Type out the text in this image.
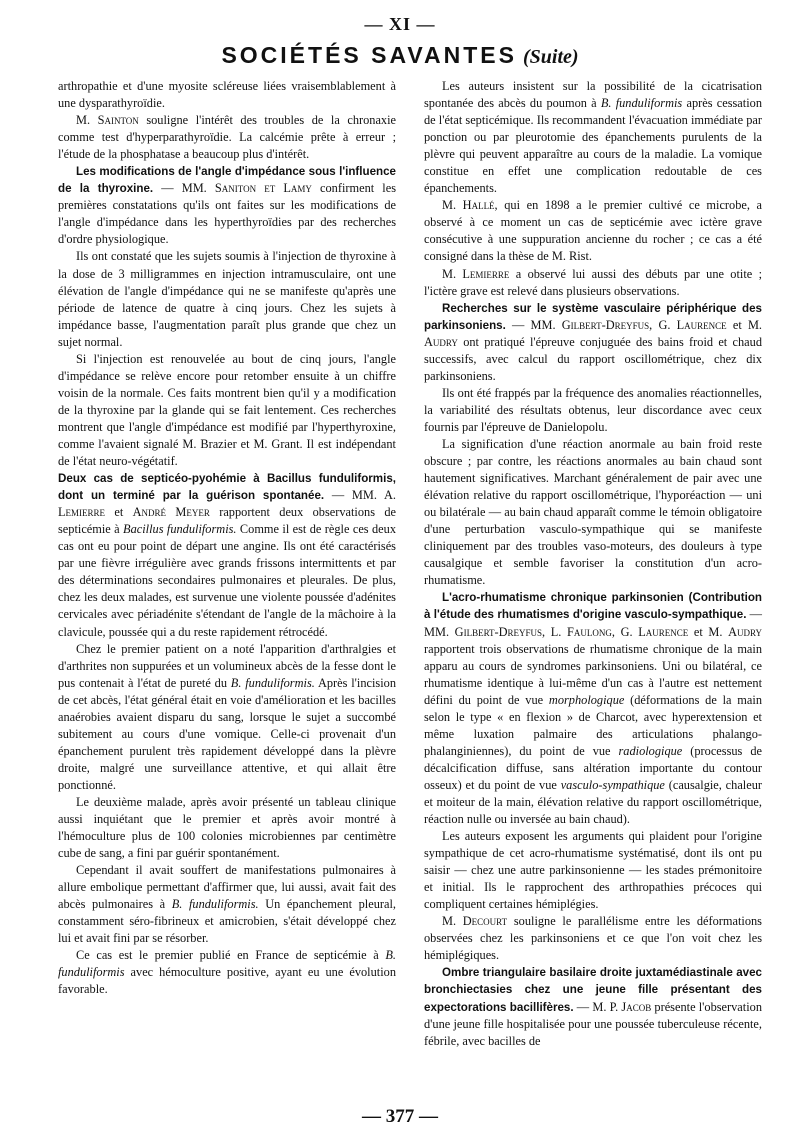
— XI —
SOCIÉTÉS SAVANTES (Suite)

arthropathie et d'une myosite scléreuse liées vraisemblablement à une dysparathyroïdie.

M. Sainton souligne l'intérêt des troubles de la chronaxie comme test d'hyperparathyroïdie. La calcémie prête à erreur ; l'étude de la phosphatase a beaucoup plus d'intérêt.

Les modifications de l'angle d'impédance sous l'influence de la thyroxine. — MM. Saniton et Lamy confirment les premières constatations qu'ils ont faites sur les modifications de l'angle d'impédance dans les hyperthyroïdies par des recherches d'ordre physiologique.

Ils ont constaté que les sujets soumis à l'injection de thyroxine à la dose de 3 milligrammes en injection intramusculaire, ont une élévation de l'angle d'impédance qui ne se manifeste qu'après une période de latence de quatre à cinq jours. Chez les sujets à impédance basse, l'augmentation paraît plus grande que chez un sujet normal.

Si l'injection est renouvelée au bout de cinq jours, l'angle d'impédance se relève encore pour retomber ensuite à un chiffre voisin de la normale. Ces faits montrent bien qu'il y a modification de la thyroxine par la glande qui se fait lentement. Ces recherches montrent que l'angle d'impédance est modifié par l'hyperthyroxine, comme l'avaient signalé M. Brazier et M. Grant. Il est indépendant de l'état neuro-végétatif.

Deux cas de septicéo-pyohémie à Bacillus funduliformis, dont un terminé par la guérison spontanée. — MM. A. Lemierre et André Meyer rapportent deux observations de septicémie à Bacillus funduliformis. Comme il est de règle ces deux cas ont eu pour point de départ une angine. Ils ont été caractérisés par une fièvre irrégulière avec grands frissons intermittents et par des déterminations secondaires pulmonaires et pleurales. De plus, chez les deux malades, est survenue une violente poussée d'adénites cervicales avec périadénite s'étendant de l'angle de la mâchoire à la clavicule, poussée qui a du reste rapidement rétrocédé.

Chez le premier patient on a noté l'apparition d'arthralgies et d'arthrites non suppurées et un volumineux abcès de la fesse dont le pus contenait à l'état de pureté du B. funduliformis. Après l'incision de cet abcès, l'état général était en voie d'amélioration et les bacilles anaérobies avaient disparu du sang, lorsque le sujet a succombé subitement au cours d'une vomique. Celle-ci provenait d'un épanchement purulent très rapidement développé dans la plèvre droite, malgré une surveillance attentive, et qui allait être ponctionné.

Le deuxième malade, après avoir présenté un tableau clinique aussi inquiétant que le premier et après avoir montré à l'hémoculture plus de 100 colonies microbiennes par centimètre cube de sang, a fini par guérir spontanément.

Cependant il avait souffert de manifestations pulmonaires à allure embolique permettant d'affirmer que, lui aussi, avait fait des abcès pulmonaires à B. funduliformis. Un épanchement pleural, constamment séro-fibrineux et amicrobien, s'était développé chez lui et avait fini par se résorber.

Ce cas est le premier publié en France de septicémie à B. funduliformis avec hémoculture positive, ayant eu une évolution favorable.

Les auteurs insistent sur la possibilité de la cicatrisation spontanée des abcès du poumon à B. funduliformis après cessation de l'état septicémique. Ils recommandent l'évacuation immédiate par ponction ou par pleurotomie des épanchements purulents de la plèvre qui peuvent apparaître au cours de la maladie. La vomique constitue en effet une complication redoutable de ces épanchements.

M. Hallé, qui en 1898 a le premier cultivé ce microbe, a observé à ce moment un cas de septicémie avec ictère grave consécutive à une suppuration ancienne du rocher ; ce cas a été consigné dans la thèse de M. Rist.

M. Lemierre a observé lui aussi des débuts par une otite ; l'ictère grave est relevé dans plusieurs observations.

Recherches sur le système vasculaire périphérique des parkinsoniens. — MM. Gilbert-Dreyfus, G. Laurence et M. Audry ont pratiqué l'épreuve conjuguée des bains froid et chaud successifs, avec calcul du rapport oscillométrique, chez dix parkinsoniens.

Ils ont été frappés par la fréquence des anomalies réactionnelles, la variabilité des résultats obtenus, leur discordance avec ceux fournis par l'épreuve de Danielopolu.

La signification d'une réaction anormale au bain froid reste obscure ; par contre, les réactions anormales au bain chaud sont hautement significatives. Marchant généralement de pair avec une élévation relative du rapport oscillométrique, l'hyporéaction — uni ou bilatérale — au bain chaud apparaît comme le témoin obligatoire d'une perturbation vasculo-sympathique qui se manifeste cliniquement par des troubles vaso-moteurs, des douleurs à type causalgique et semble favoriser la constitution d'un acro-rhumatisme.

L'acro-rhumatisme chronique parkinsonien (Contribution à l'étude des rhumatismes d'origine vasculo-sympathique. — MM. Gilbert-Dreyfus, L. Faulong, G. Laurence et M. Audry rapportent trois observations de rhumatisme chronique de la main apparu au cours de syndromes parkinsoniens. Uni ou bilatéral, ce rhumatisme identique à lui-même d'un cas à l'autre est nettement défini du point de vue morphologique (déformations de la main selon le type « en flexion » de Charcot, avec hyperextension et même luxation palmaire des articulations phalango-phalanginiennes), du point de vue radiologique (processus de décalcification diffuse, sans altération importante du contour osseux) et du point de vue vasculo-sympathique (causalgie, chaleur et moiteur de la main, élévation relative du rapport oscillométrique, réaction nulle ou inversée au bain chaud).

Les auteurs exposent les arguments qui plaident pour l'origine sympathique de cet acro-rhumatisme systématisé, dont ils ont pu saisir — chez une autre parkinsonienne — les stades prémonitoire et initial. Ils le rapprochent des arthropathies précoces qui compliquent certaines hémiplégies.

M. Decourt souligne le parallélisme entre les déformations observées chez les parkinsoniens et ce que l'on voit chez les hémiplégiques.

Ombre triangulaire basilaire droite juxtamédiastinale avec bronchiectasies chez une jeune fille présentant des expectorations bacillifères. — M. P. Jacob présente l'observation d'une jeune fille hospitalisée pour une poussée tuberculeuse récente, fébrile, avec bacilles de

— 377 —
